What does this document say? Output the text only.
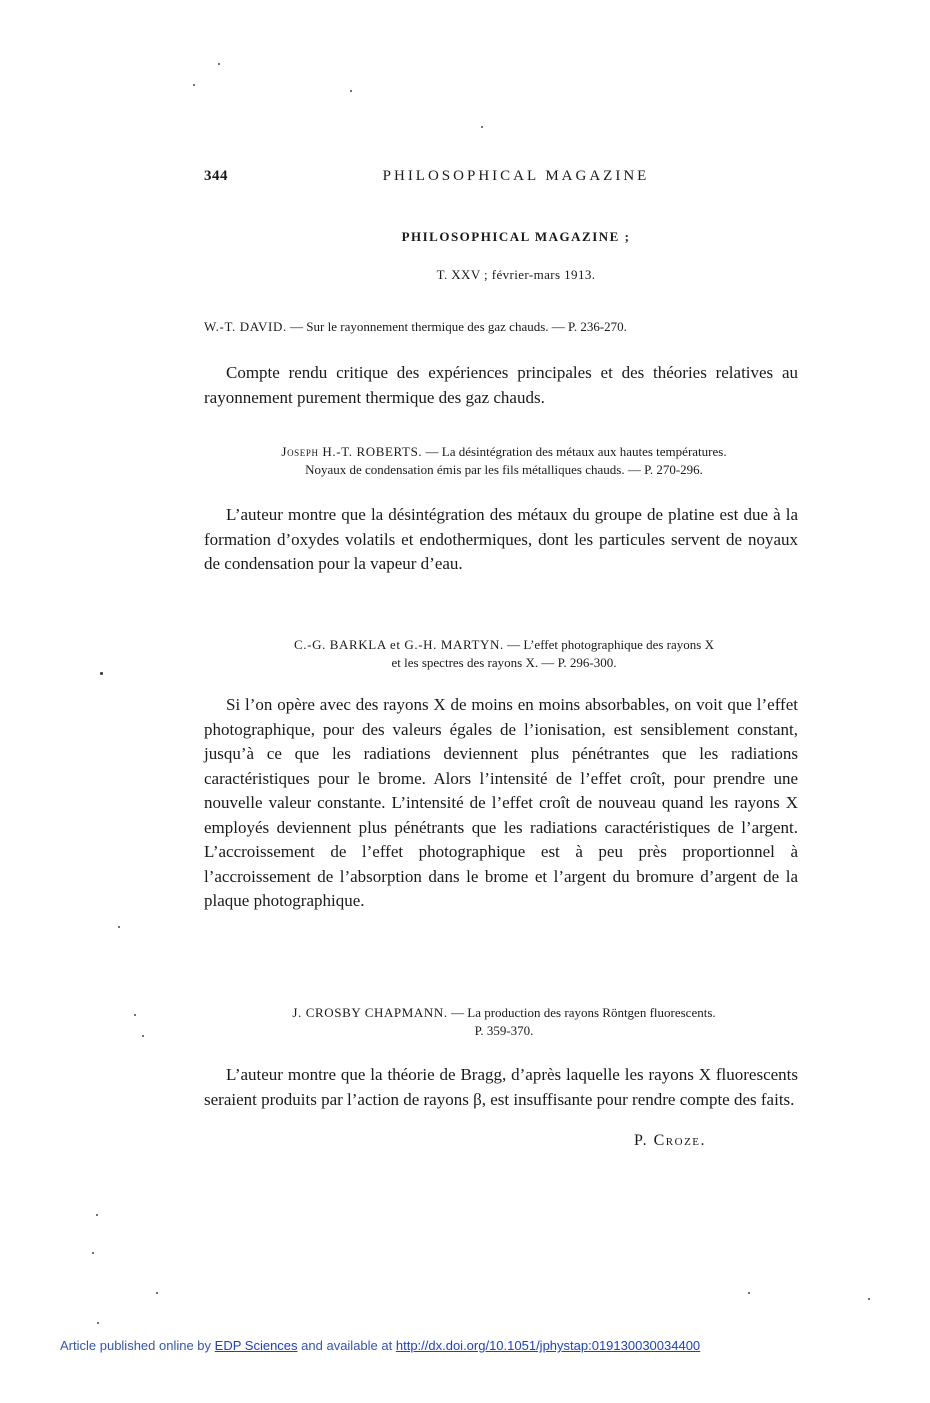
344	PHILOSOPHICAL MAGAZINE
PHILOSOPHICAL MAGAZINE ;
T. XXV ; février-mars 1913.
W.-T. DAVID. — Sur le rayonnement thermique des gaz chauds. — P. 236-270.

Compte rendu critique des expériences principales et des théories relatives au rayonnement purement thermique des gaz chauds.

Joseph H.-T. ROBERTS. — La désintégration des métaux aux hautes températures.
Noyaux de condensation émis par les fils métalliques chauds. — P. 270-296.

L’auteur montre que la désintégration des métaux du groupe de platine est due à la formation d’oxydes volatils et endothermiques, dont les particules servent de noyaux de condensation pour la vapeur d’eau.

C.-G. BARKLA et G.-H. MARTYN. — L’effet photographique des rayons X
et les spectres des rayons X. — P. 296-300.

Si l’on opère avec des rayons X de moins en moins absorbables, on voit que l’effet photographique, pour des valeurs égales de l’ionisation, est sensiblement constant, jusqu’à ce que les radiations deviennent plus pénétrantes que les radiations caractéristiques pour le brome. Alors l’intensité de l’effet croît, pour prendre une nouvelle valeur constante. L’intensité de l’effet croît de nouveau quand les rayons X employés deviennent plus pénétrants que les radiations caractéristiques de l’argent. L’accroissement de l’effet photographique est à peu près proportionnel à l’accroissement de l’absorption dans le brome et l’argent du bromure d’argent de la plaque photographique.

J. CROSBY CHAPMANN. — La production des rayons Röntgen fluorescents.
P. 359-370.

L’auteur montre que la théorie de Bragg, d’après laquelle les rayons X fluorescents seraient produits par l’action de rayons β, est insuffisante pour rendre compte des faits.

P. Croze.
Article published online by EDP Sciences and available at http://dx.doi.org/10.1051/jphystap:019130030034400
